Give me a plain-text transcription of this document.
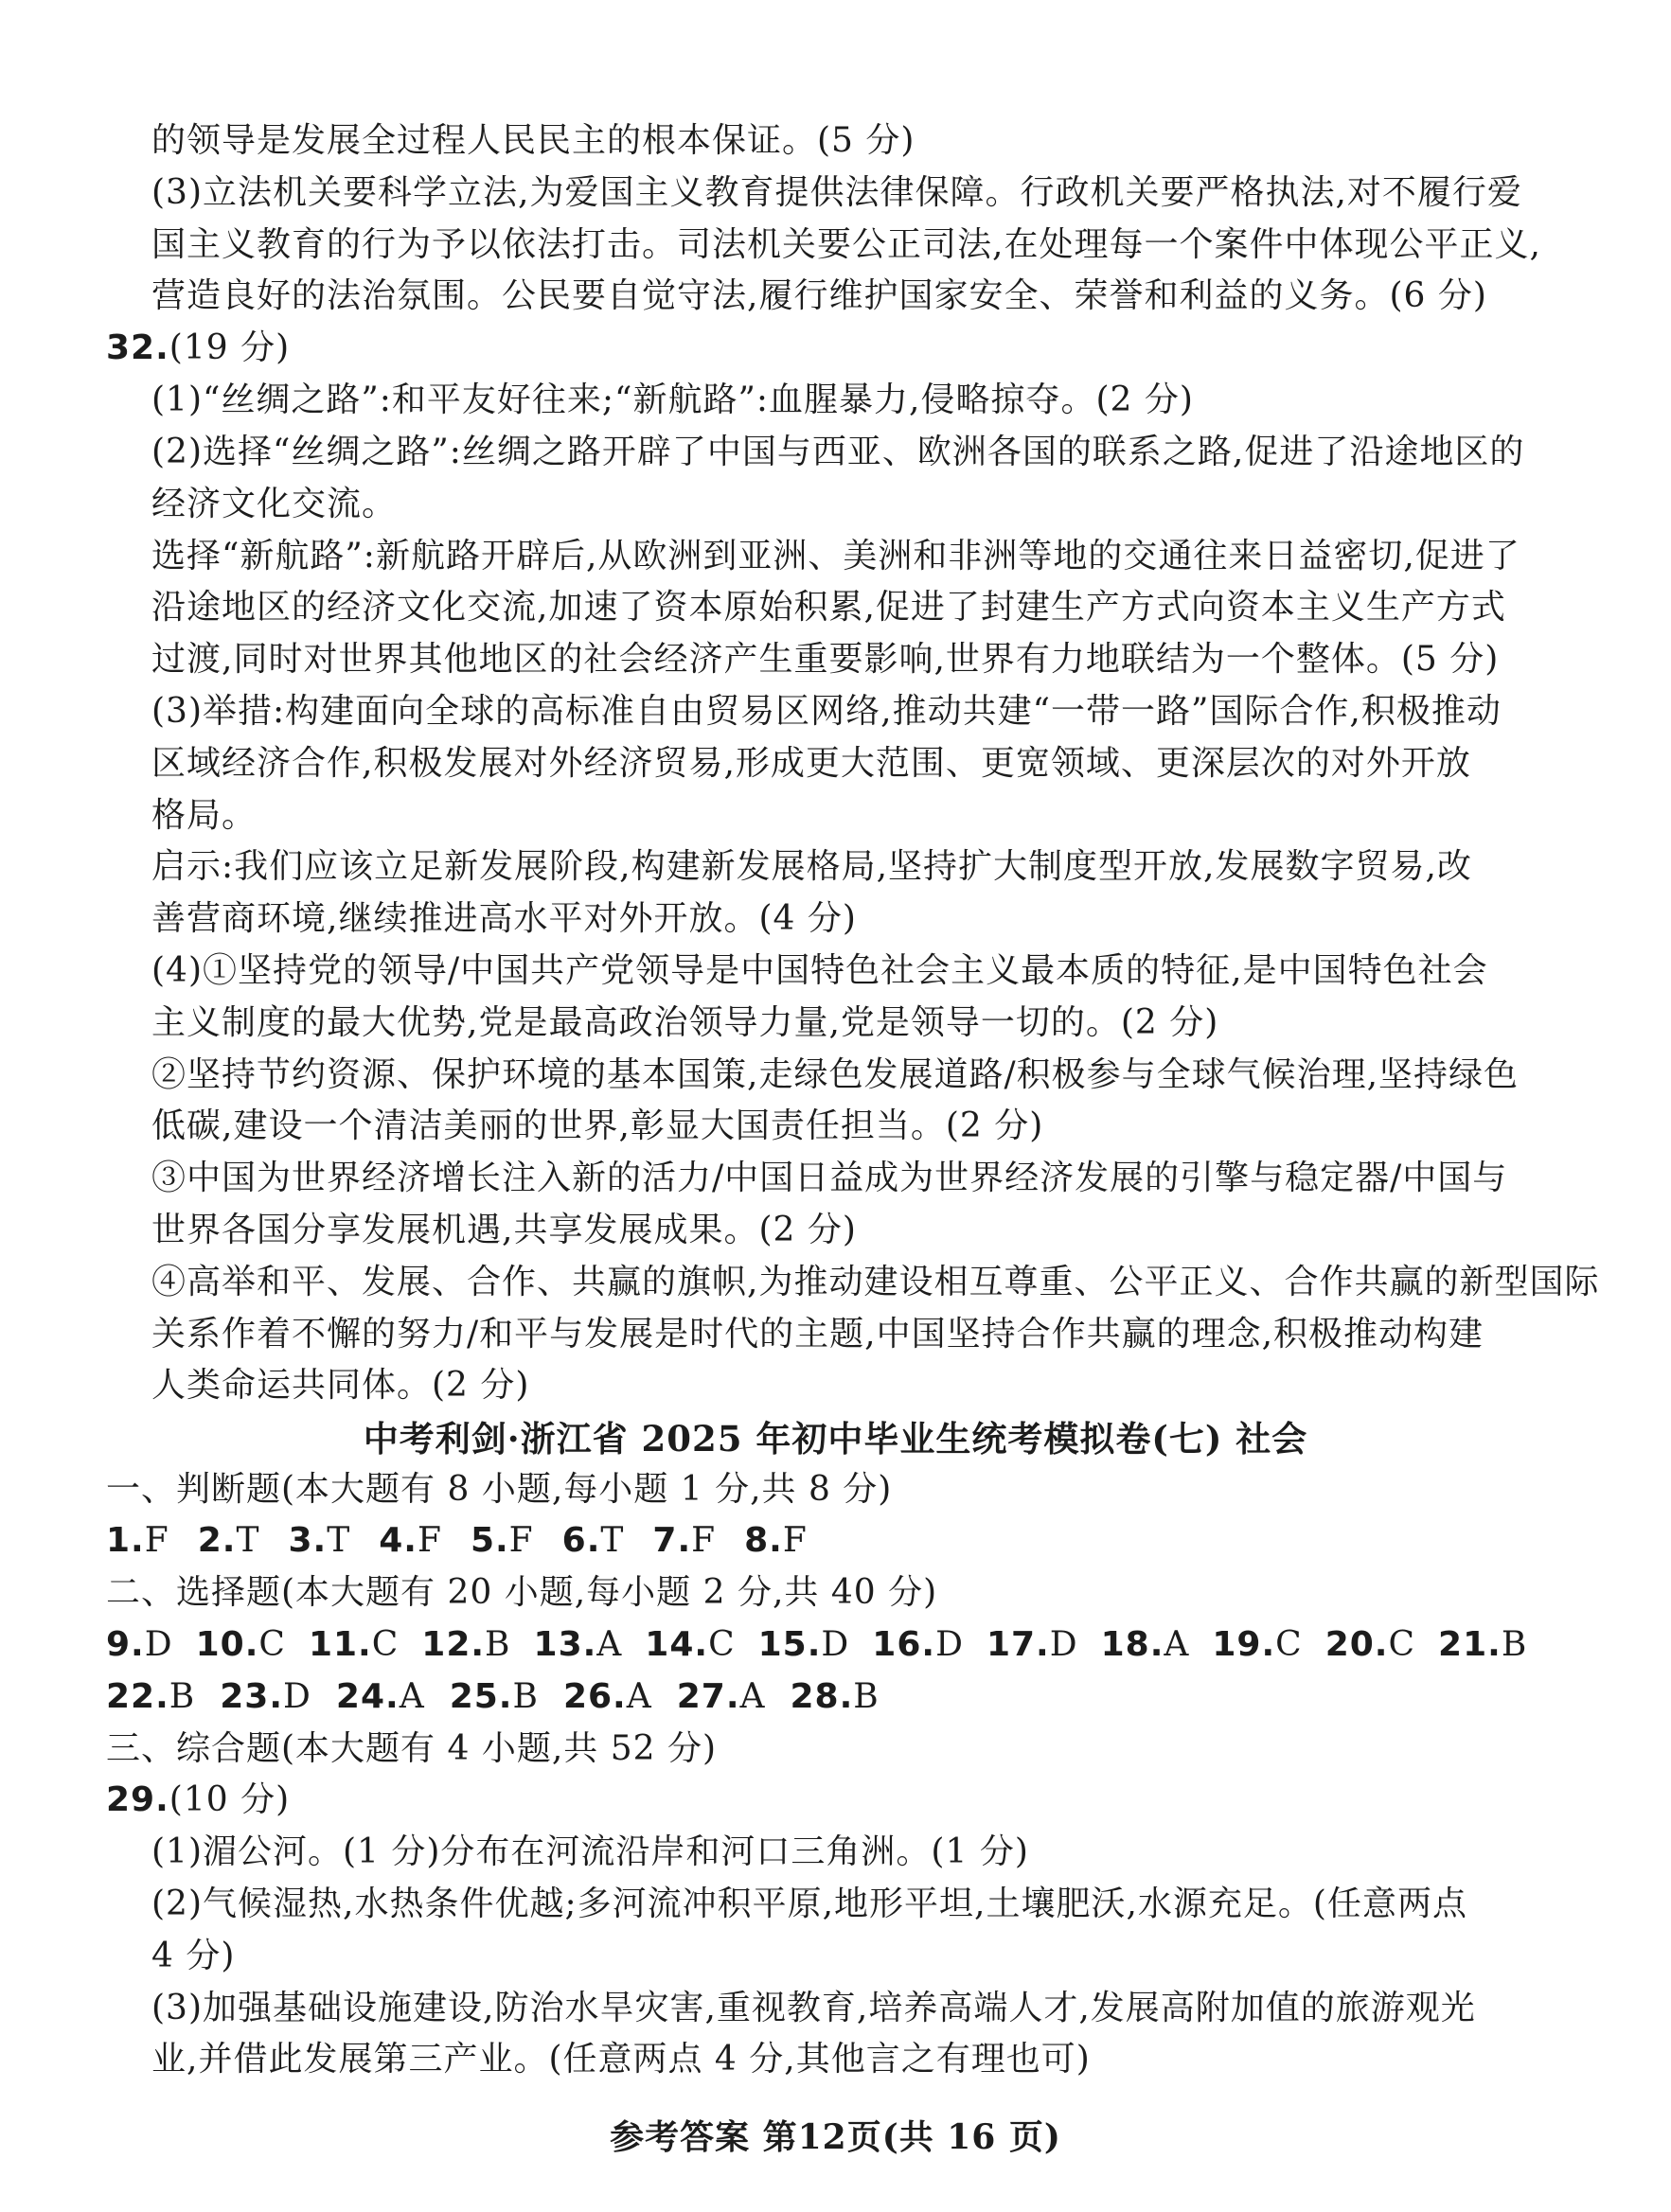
的领导是发展全过程人民民主的根本保证。(5 分)
(3)立法机关要科学立法,为爱国主义教育提供法律保障。行政机关要严格执法,对不履行爱
国主义教育的行为予以依法打击。司法机关要公正司法,在处理每一个案件中体现公平正义,
营造良好的法治氛围。公民要自觉守法,履行维护国家安全、荣誉和利益的义务。(6 分)
32.(19 分)
(1)“丝绸之路”:和平友好往来;“新航路”:血腥暴力,侵略掠夺。(2 分)
(2)选择“丝绸之路”:丝绸之路开辟了中国与西亚、欧洲各国的联系之路,促进了沿途地区的
经济文化交流。
选择“新航路”:新航路开辟后,从欧洲到亚洲、美洲和非洲等地的交通往来日益密切,促进了
沿途地区的经济文化交流,加速了资本原始积累,促进了封建生产方式向资本主义生产方式
过渡,同时对世界其他地区的社会经济产生重要影响,世界有力地联结为一个整体。(5 分)
(3)举措:构建面向全球的高标准自由贸易区网络,推动共建“一带一路”国际合作,积极推动
区域经济合作,积极发展对外经济贸易,形成更大范围、更宽领域、更深层次的对外开放
格局。
启示:我们应该立足新发展阶段,构建新发展格局,坚持扩大制度型开放,发展数字贸易,改
善营商环境,继续推进高水平对外开放。(4 分)
(4)①坚持党的领导/中国共产党领导是中国特色社会主义最本质的特征,是中国特色社会
主义制度的最大优势,党是最高政治领导力量,党是领导一切的。(2 分)
②坚持节约资源、保护环境的基本国策,走绿色发展道路/积极参与全球气候治理,坚持绿色
低碳,建设一个清洁美丽的世界,彰显大国责任担当。(2 分)
③中国为世界经济增长注入新的活力/中国日益成为世界经济发展的引擎与稳定器/中国与
世界各国分享发展机遇,共享发展成果。(2 分)
④高举和平、发展、合作、共赢的旗帜,为推动建设相互尊重、公平正义、合作共赢的新型国际
关系作着不懈的努力/和平与发展是时代的主题,中国坚持合作共赢的理念,积极推动构建
人类命运共同体。(2 分)
中考利剑·浙江省 2025 年初中毕业生统考模拟卷(七) 社会
一、判断题(本大题有 8 小题,每小题 1 分,共 8 分)
1.F 2.T 3.T 4.F 5.F 6.T 7.F 8.F
二、选择题(本大题有 20 小题,每小题 2 分,共 40 分)
9.D 10.C 11.C 12.B 13.A 14.C 15.D 16.D 17.D 18.A 19.C 20.C 21.B
22.B 23.D 24.A 25.B 26.A 27.A 28.B
三、综合题(本大题有 4 小题,共 52 分)
29.(10 分)
(1)湄公河。(1 分)分布在河流沿岸和河口三角洲。(1 分)
(2)气候湿热,水热条件优越;多河流冲积平原,地形平坦,土壤肥沃,水源充足。(任意两点
4 分)
(3)加强基础设施建设,防治水旱灾害,重视教育,培养高端人才,发展高附加值的旅游观光
业,并借此发展第三产业。(任意两点 4 分,其他言之有理也可)
参考答案 第12页(共 16 页)
